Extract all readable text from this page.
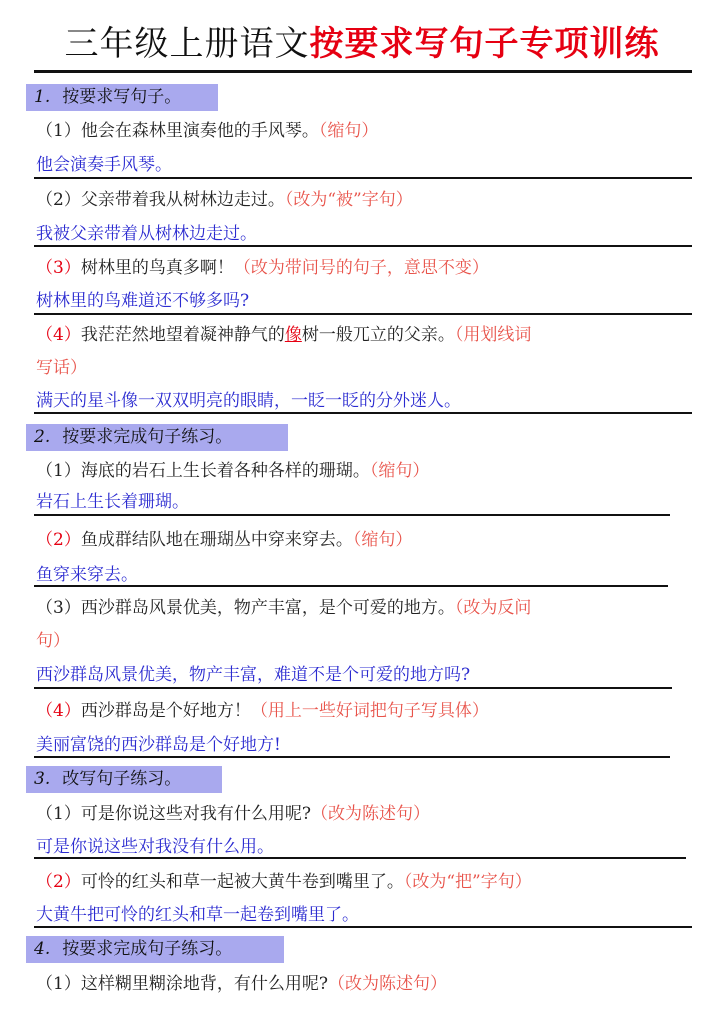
三年级上册语文按要求写句子专项训练
1. 按要求写句子。
（1）他会在森林里演奏他的手风琴。（缩句）
他会演奏手风琴。
（2）父亲带着我从树林边走过。（改为“被”字句）
我被父亲带着从树林边走过。
（3）树林里的鸟真多啊！（改为带问号的句子，意思不变）
树林里的鸟难道还不够多吗?
（4）我茫茫然地望着凝神静气的像树一般兀立的父亲。（用划线词
写话）
满天的星斗像一双双明亮的眼睛，一眨一眨的分外迷人。
2. 按要求完成句子练习。
（1）海底的岩石上生长着各种各样的珊瑚。（缩句）
岩石上生长着珊瑚。
（2）鱼成群结队地在珊瑚丛中穿来穿去。（缩句）
鱼穿来穿去。
（3）西沙群岛风景优美，物产丰富，是个可爱的地方。（改为反问
句）
西沙群岛风景优美，物产丰富，难道不是个可爱的地方吗?
（4）西沙群岛是个好地方！（用上一些好词把句子写具体）
美丽富饶的西沙群岛是个好地方!
3. 改写句子练习。
（1）可是你说这些对我有什么用呢?（改为陈述句）
可是你说这些对我没有什么用。
（2）可怜的红头和草一起被大黄牛卷到嘴里了。（改为“把”字句）
大黄牛把可怜的红头和草一起卷到嘴里了。
4. 按要求完成句子练习。
（1）这样糊里糊涂地背，有什么用呢?（改为陈述句）
